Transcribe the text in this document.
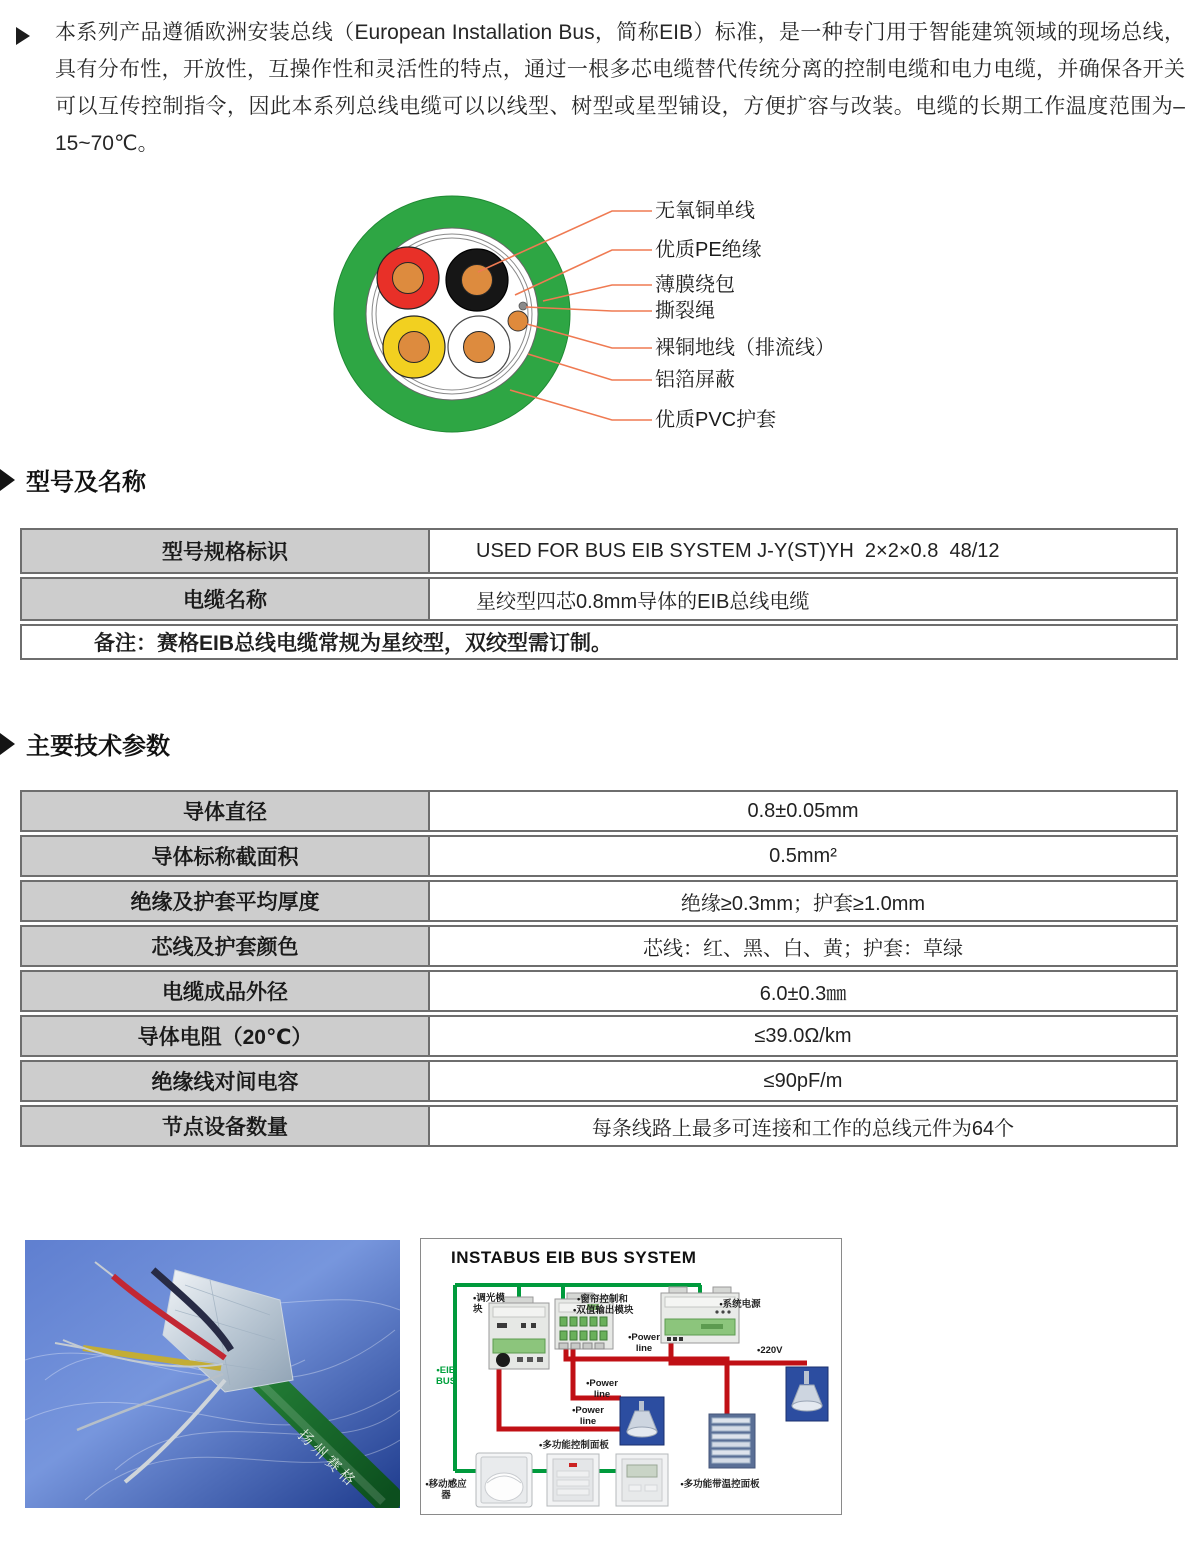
本系列产品遵循欧洲安装总线（European Installation Bus，简称EIB）标准，是一种专门用于智能建筑领域的现场总线，具有分布性，开放性，互操作性和灵活性的特点，通过一根多芯电缆替代传统分离的控制电缆和电力电缆，并确保各开关可以互传控制指令，因此本系列总线电缆可以以线型、树型或星型铺设，方便扩容与改装。电缆的长期工作温度范围为–15~70℃。
无氧铜单线
优质PE绝缘
薄膜绕包
撕裂绳
裸铜地线（排流线）
铝箔屏蔽
优质PVC护套
型号及名称
型号规格标识	USED FOR BUS EIB SYSTEM J-Y(ST)YH  2×2×0.8  48/12
电缆名称	星绞型四芯0.8mm导体的EIB总线电缆
备注：赛格EIB总线电缆常规为星绞型，双绞型需订制。
主要技术参数
导体直径	0.8±0.05mm
导体标称截面积	0.5mm²
绝缘及护套平均厚度	绝缘≥0.3mm；护套≥1.0mm
芯线及护套颜色	芯线：红、黑、白、黄；护套：草绿
电缆成品外径	6.0±0.3㎜
导体电阻（20℃）	≤39.0Ω/km
绝缘线对间电容	≤90pF/m
节点设备数量	每条线路上最多可连接和工作的总线元件为64个
扬州赛格
INSTABUS EIB BUS SYSTEM
•调光模块
•窗帘控制和
•双值输出模块
•系统电源
•220V
•EIB BUS
•Power line
•Power line
•Power line
•多功能控制面板
•移动感应器
•多功能带温控面板
